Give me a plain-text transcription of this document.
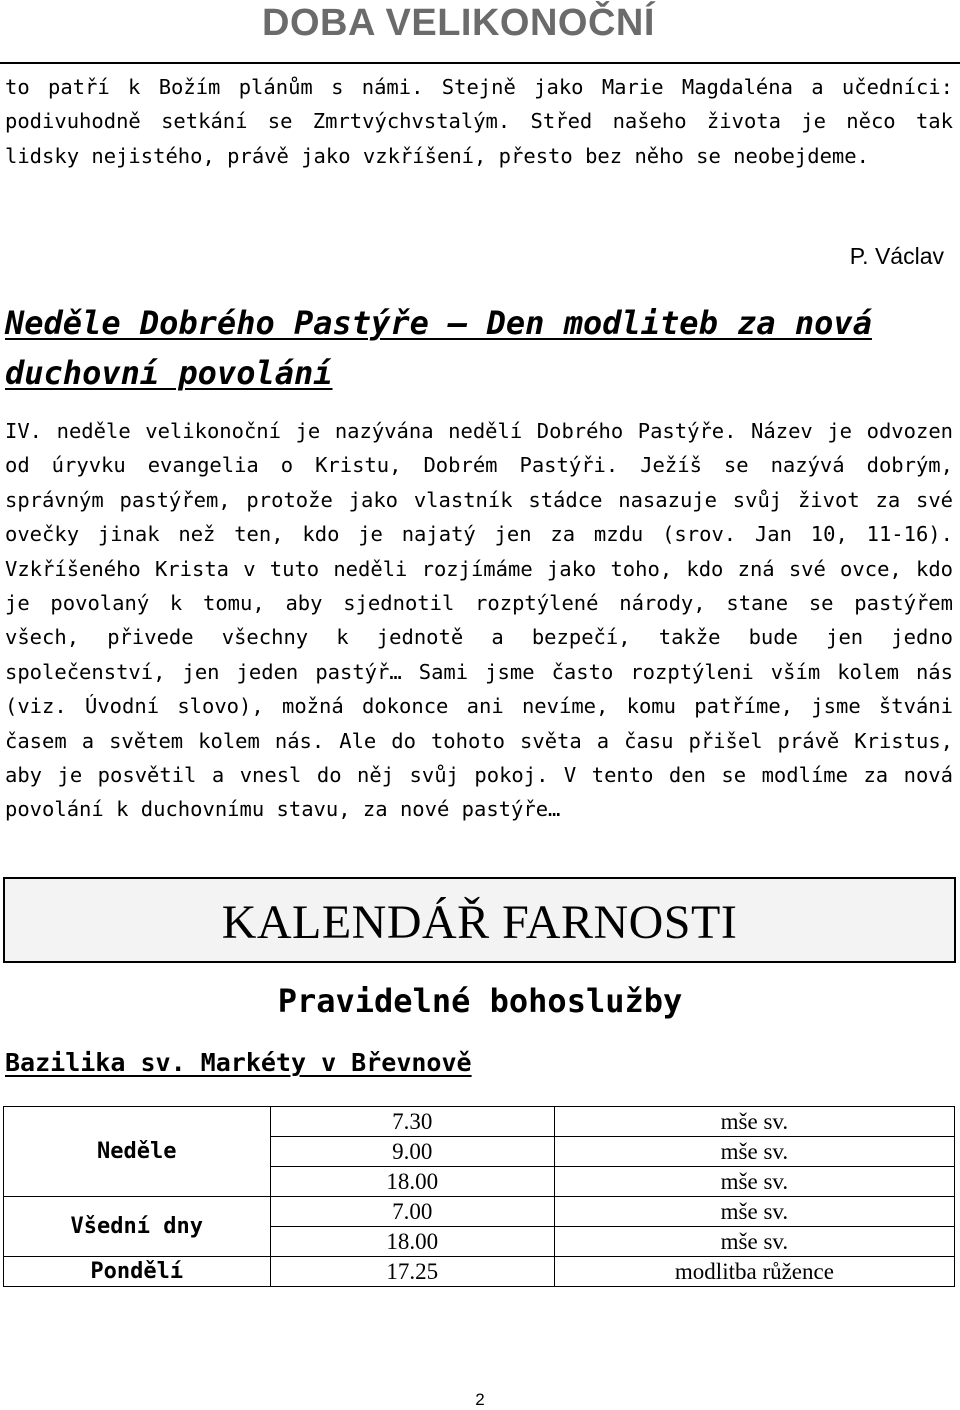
DOBA VELIKONOČNÍ
to patří k Božím plánům s námi. Stejně jako Marie Magdaléna a učedníci:
podivuhodně setkání se Zmrtvýchvstalým. Střed našeho života je něco tak
lidsky nejistého, právě jako vzkříšení, přesto bez něho se neobejdeme.
P. Václav
Neděle Dobrého Pastýře – Den modliteb za nová duchovní povolání
IV. neděle velikonoční je nazývána nedělí Dobrého Pastýře. Název je odvozen
od úryvku evangelia o Kristu, Dobrém Pastýři. Ježíš se nazývá dobrým,
správným pastýřem, protože jako vlastník stádce nasazuje svůj život za své
ovečky jinak než ten, kdo je najatý jen za mzdu (srov. Jan 10, 11-16).
Vzkříšeného Krista v tuto neděli rozjímáme jako toho, kdo zná své ovce, kdo
je povolaný k tomu, aby sjednotil rozptýlené národy, stane se pastýřem
všech, přivede všechny k jednotě a bezpečí, takže bude jen jedno
společenství, jen jeden pastýř… Sami jsme často rozptýleni vším kolem nás
(viz. Úvodní slovo), možná dokonce ani nevíme, komu patříme, jsme štváni
časem a světem kolem nás. Ale do tohoto světa a času přišel právě Kristus,
aby je posvětil a vnesl do něj svůj pokoj. V tento den se modlíme za nová
povolání k duchovnímu stavu, za nové pastýře…
KALENDÁŘ FARNOSTI
Pravidelné bohoslužby
Bazilika sv. Markéty v Břevnově
Neděle	7.30	mše sv.
	9.00	mše sv.
	18.00	mše sv.
Všední dny	7.00	mše sv.
	18.00	mše sv.
Pondělí	17.25	modlitba růžence
2
